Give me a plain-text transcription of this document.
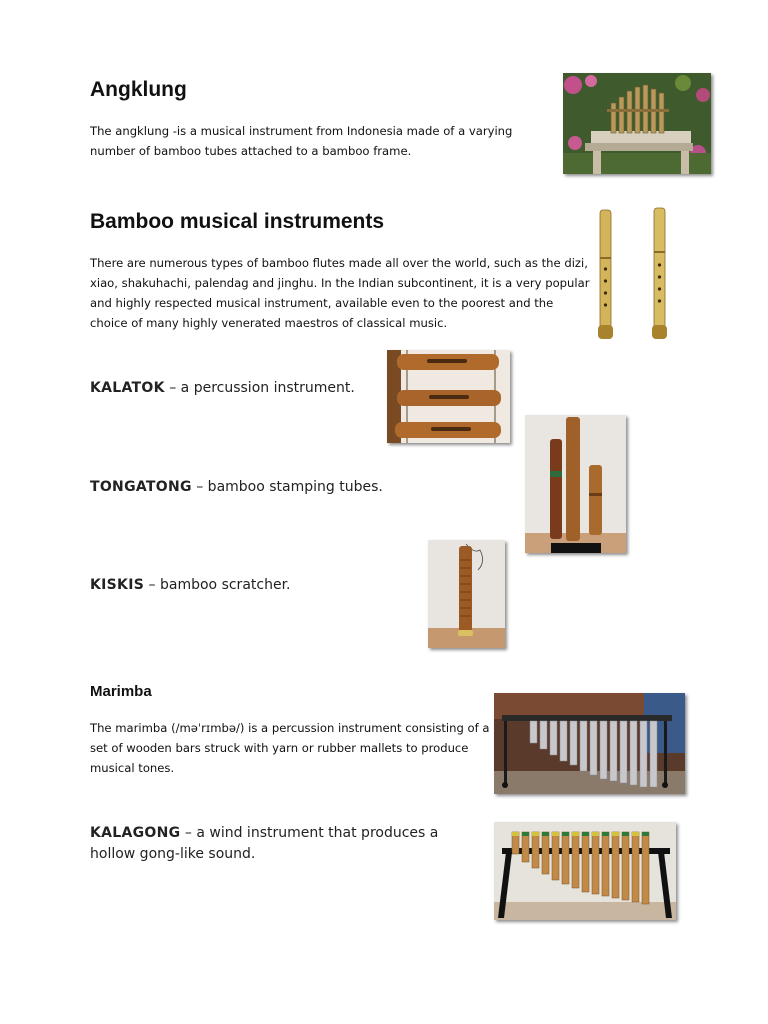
Angklung

The angklung -is a musical instrument from Indonesia made of a varying number of bamboo tubes attached to a bamboo frame.

Bamboo musical instruments

There are numerous types of bamboo flutes made all over the world, such as the dizi, xiao, shakuhachi, palendag and jinghu. In the Indian subcontinent, it is a very popular and highly respected musical instrument, available even to the poorest and the choice of many highly venerated maestros of classical music.

KALATOK – a percussion instrument.

TONGATONG – bamboo stamping tubes.

KISKIS – bamboo scratcher.

Marimba

The marimba (/məˈrɪmbə/) is a percussion instrument consisting of a set of wooden bars struck with yarn or rubber mallets to produce musical tones.

KALAGONG – a wind instrument that produces a hollow gong-like sound.
